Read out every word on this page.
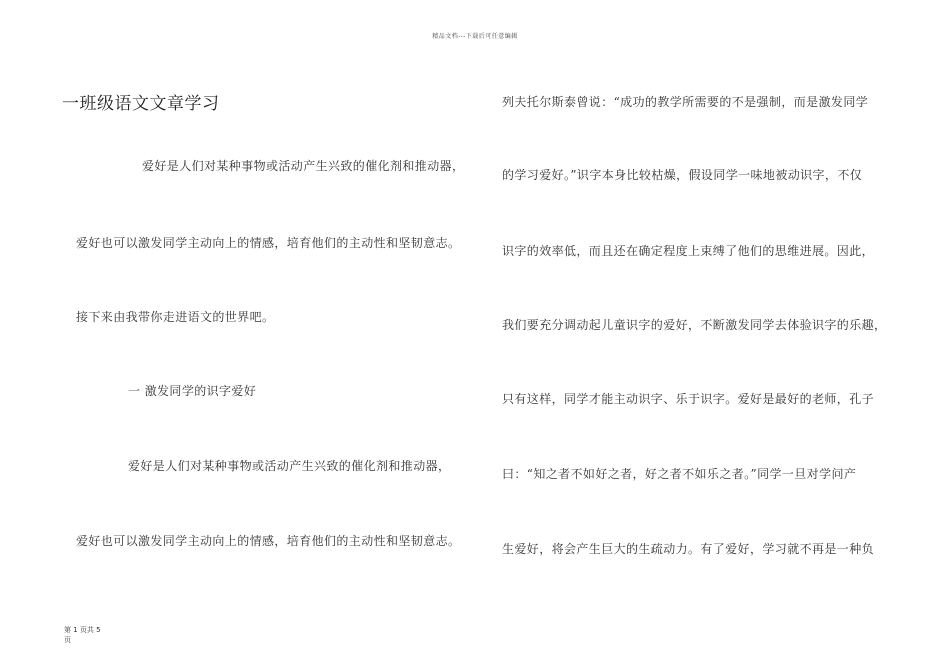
精品文档---下载后可任意编辑
一班级语文文章学习
爱好是人们对某种事物或活动产生兴致的催化剂和推动器，
爱好也可以激发同学主动向上的情感，培育他们的主动性和坚韧意志。
接下来由我带你走进语文的世界吧。
一 激发同学的识字爱好
爱好是人们对某种事物或活动产生兴致的催化剂和推动器，
爱好也可以激发同学主动向上的情感，培育他们的主动性和坚韧意志。
列夫托尔斯泰曾说：“成功的教学所需要的不是强制，而是激发同学
的学习爱好。”识字本身比较枯燥，假设同学一味地被动识字，不仅
识字的效率低，而且还在确定程度上束缚了他们的思维进展。因此，
我们要充分调动起儿童识字的爱好，不断激发同学去体验识字的乐趣，
只有这样，同学才能主动识字、乐于识字。爱好是最好的老师，孔子
曰：“知之者不如好之者，好之者不如乐之者。”同学一旦对学问产
生爱好，将会产生巨大的生疏动力。有了爱好，学习就不再是一种负
第 1 页共 5 页
